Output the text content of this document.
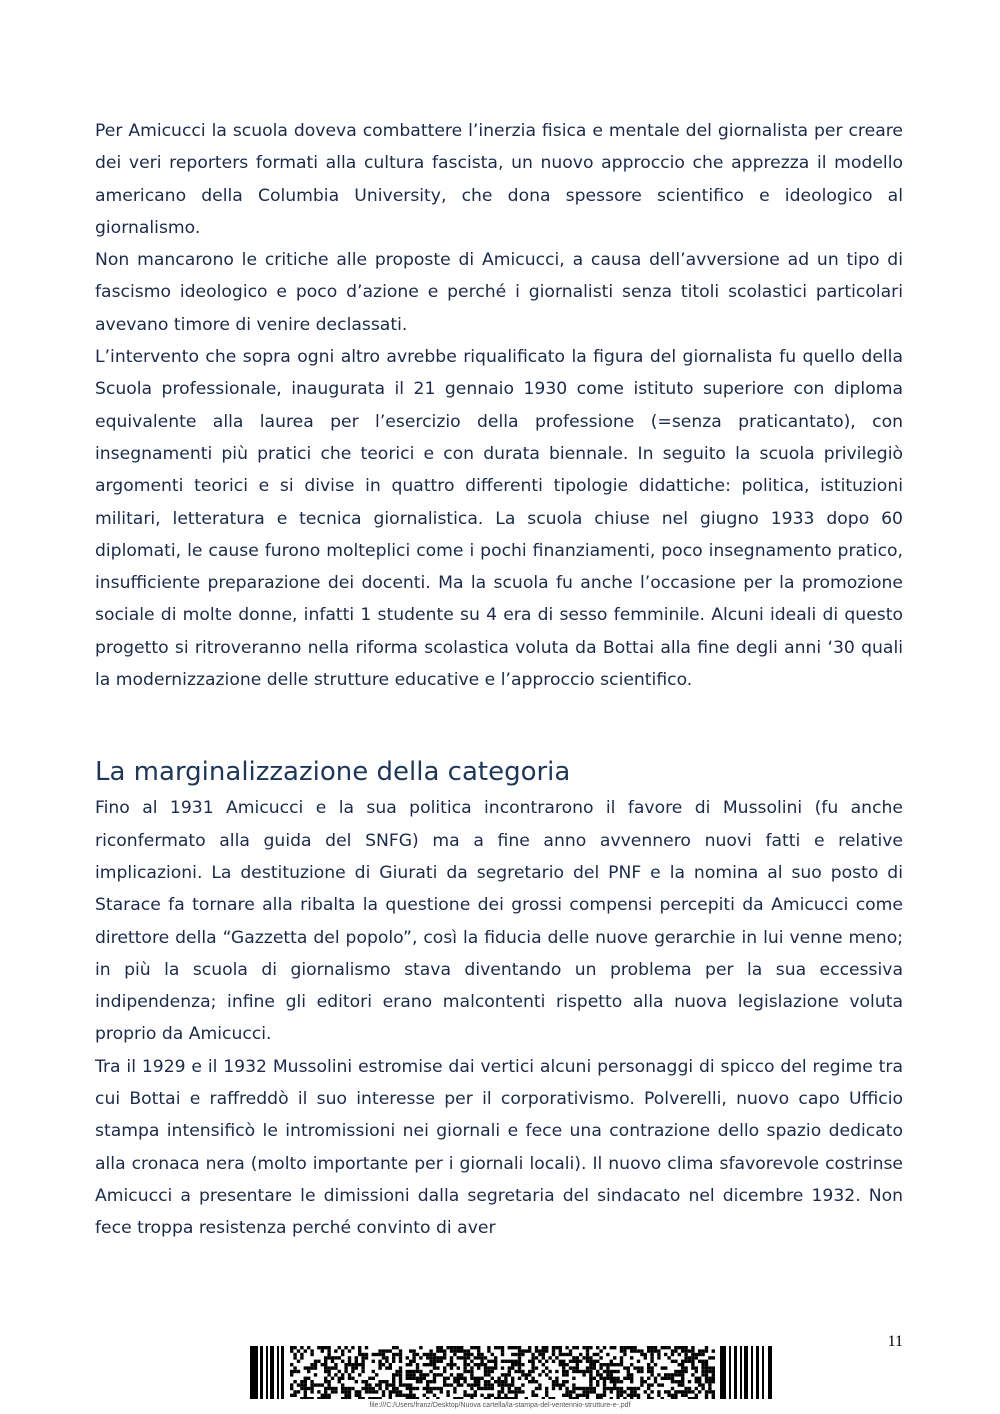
Per Amicucci la scuola doveva combattere l’inerzia fisica e mentale del giornalista per creare dei veri reporters formati alla cultura fascista, un nuovo approccio che apprezza il modello americano della Columbia University, che dona spessore scientifico e ideologico al giornalismo.

Non mancarono le critiche alle proposte di Amicucci, a causa dell’avversione ad un tipo di fascismo ideologico e poco d’azione e perché i giornalisti senza titoli scolastici particolari avevano timore di venire declassati.

L’intervento che sopra ogni altro avrebbe riqualificato la figura del giornalista fu quello della Scuola professionale, inaugurata il 21 gennaio 1930 come istituto superiore con diploma equivalente alla laurea per l’esercizio della professione (=senza praticantato), con insegnamenti più pratici che teorici e con durata biennale. In seguito la scuola privilegiò argomenti teorici e si divise in quattro differenti tipologie didattiche: politica, istituzioni militari, letteratura e tecnica giornalistica. La scuola chiuse nel giugno 1933 dopo 60 diplomati, le cause furono molteplici come i pochi finanziamenti, poco insegnamento pratico, insufficiente preparazione dei docenti. Ma la scuola fu anche l’occasione per la promozione sociale di molte donne, infatti 1 studente su 4 era di sesso femminile. Alcuni ideali di questo progetto si ritroveranno nella riforma scolastica voluta da Bottai alla fine degli anni ‘30 quali la modernizzazione delle strutture educative e l’approccio scientifico.

La marginalizzazione della categoria

Fino al 1931 Amicucci e la sua politica incontrarono il favore di Mussolini (fu anche riconfermato alla guida del SNFG) ma a fine anno avvennero nuovi fatti e relative implicazioni. La destituzione di Giurati da segretario del PNF e la nomina al suo posto di Starace fa tornare alla ribalta la questione dei grossi compensi percepiti da Amicucci come direttore della “Gazzetta del popolo”, così la fiducia delle nuove gerarchie in lui venne meno; in più la scuola di giornalismo stava diventando un problema per la sua eccessiva indipendenza; infine gli editori erano malcontenti rispetto alla nuova legislazione voluta proprio da Amicucci.

Tra il 1929 e il 1932 Mussolini estromise dai vertici alcuni personaggi di spicco del regime tra cui Bottai e raffreddò il suo interesse per il corporativismo. Polverelli, nuovo capo Ufficio stampa intensificò le intromissioni nei giornali e fece una contrazione dello spazio dedicato alla cronaca nera (molto importante per i giornali locali). Il nuovo clima sfavorevole costrinse Amicucci a presentare le dimissioni dalla segretaria del sindacato nel dicembre 1932. Non fece troppa resistenza perché convinto di aver

11
file:///C:/Users/franz/Desktop/Nuova cartella/la-stampa-del-ventennio-strutture-e-.pdf
